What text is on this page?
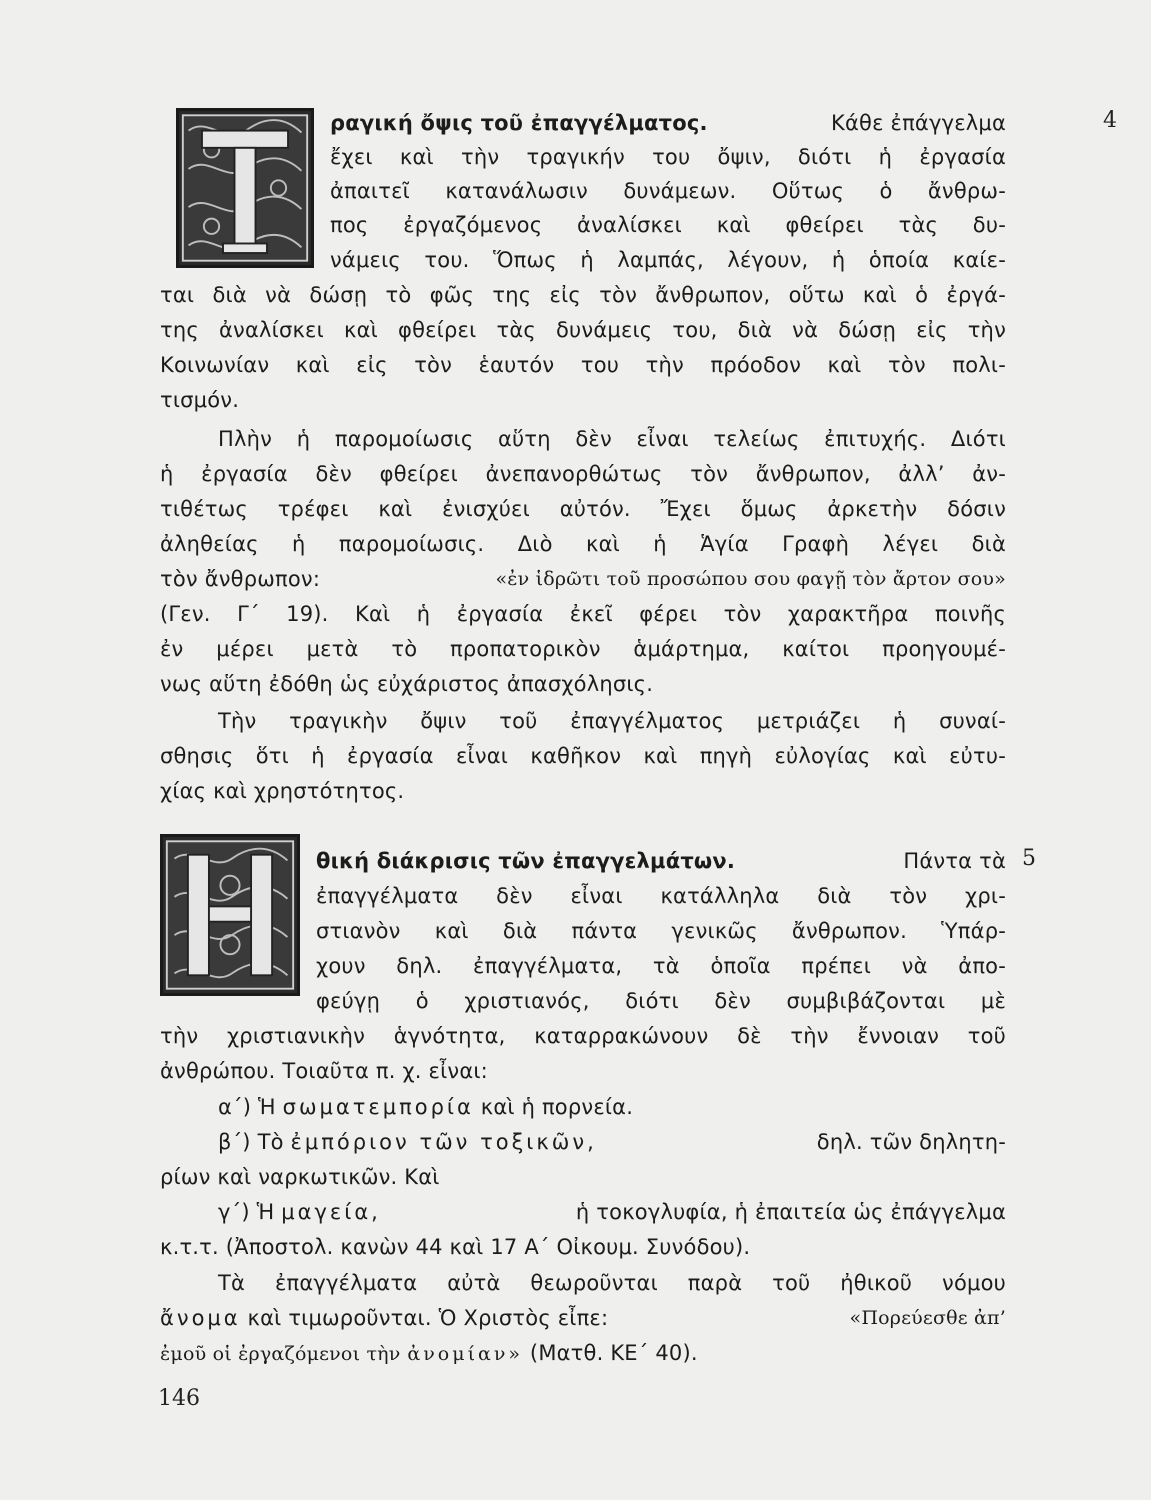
4
ραγική ὄψις τοῦ ἐπαγγέλματος.	Κάθε ἐπάγγελμα
ἔχει καὶ τὴν τραγικήν του ὄψιν, διότι ἡ ἐργασία
ἀπαιτεῖ κατανάλωσιν δυνάμεων. Οὕτως ὁ ἄνθρω-
πος ἐργαζόμενος ἀναλίσκει καὶ φθείρει τὰς δυ-
νάμεις του. Ὅπως ἡ λαμπάς, λέγουν, ἡ ὁποία καίε-
ται διὰ νὰ δώσῃ τὸ φῶς της εἰς τὸν ἄνθρωπον, οὕτω καὶ ὁ ἐργά-
της ἀναλίσκει καὶ φθείρει τὰς δυνάμεις του, διὰ νὰ δώσῃ εἰς τὴν
Κοινωνίαν καὶ εἰς τὸν ἑαυτόν του τὴν πρόοδον καὶ τὸν πολι-
τισμόν.
Πλὴν ἡ παρομοίωσις αὕτη δὲν εἶναι τελείως ἐπιτυχής. Διότι
ἡ ἐργασία δὲν φθείρει ἀνεπανορθώτως τὸν ἄνθρωπον, ἀλλ’ ἀν-
τιθέτως τρέφει καὶ ἐνισχύει αὐτόν. Ἔχει ὅμως ἀρκετὴν δόσιν
ἀληθείας ἡ παρομοίωσις. Διὸ καὶ ἡ Ἁγία Γραφὴ λέγει διὰ
τὸν ἄνθρωπον:	«ἐν ἱδρῶτι τοῦ προσώπου σου φαγῇ τὸν ἄρτον σου»
(Γεν. Γ΄ 19). Καὶ ἡ ἐργασία ἐκεῖ φέρει τὸν χαρακτῆρα ποινῆς
ἐν μέρει μετὰ τὸ προπατορικὸν ἁμάρτημα, καίτοι προηγουμέ-
νως αὕτη ἐδόθη ὡς εὐχάριστος ἀπασχόλησις.
Τὴν τραγικὴν ὄψιν τοῦ ἐπαγγέλματος μετριάζει ἡ συναί-
σθησις ὅτι ἡ ἐργασία εἶναι καθῆκον καὶ πηγὴ εὐλογίας καὶ εὐτυ-
χίας καὶ χρηστότητος.
5
θική διάκρισις τῶν ἐπαγγελμάτων.	Πάντα τὰ
ἐπαγγέλματα δὲν εἶναι κατάλληλα διὰ τὸν χρι-
στιανὸν καὶ διὰ πάντα γενικῶς ἄνθρωπον. Ὑπάρ-
χουν δηλ. ἐπαγγέλματα, τὰ ὁποῖα πρέπει νὰ ἀπο-
φεύγῃ ὁ χριστιανός, διότι δὲν συμβιβάζονται μὲ
τὴν χριστιανικὴν ἁγνότητα, καταρρακώνουν δὲ τὴν ἔννοιαν τοῦ
ἀνθρώπου. Τοιαῦτα π. χ. εἶναι:
α΄) Ἡ σωματεμπορία καὶ ἡ πορνεία.
β΄) Τὸ ἐμπόριον τῶν τοξικῶν,	δηλ. τῶν δηλητη-
ρίων καὶ ναρκωτικῶν. Καὶ
γ΄) Ἡ μαγεία,	ἡ τοκογλυφία, ἡ ἐπαιτεία ὡς ἐπάγγελμα
κ.τ.τ. (Ἀποστολ. κανὼν 44 καὶ 17 Α΄ Οἰκουμ. Συνόδου).
Τὰ ἐπαγγέλματα αὐτὰ θεωροῦνται παρὰ τοῦ ἠθικοῦ νόμου
ἄνομα καὶ τιμωροῦνται. Ὁ Χριστὸς εἶπε:	«Πορεύεσθε ἀπ’
ἐμοῦ οἱ ἐργαζόμενοι τὴν ἀνομίαν» (Ματθ. ΚΕ΄ 40).
146
